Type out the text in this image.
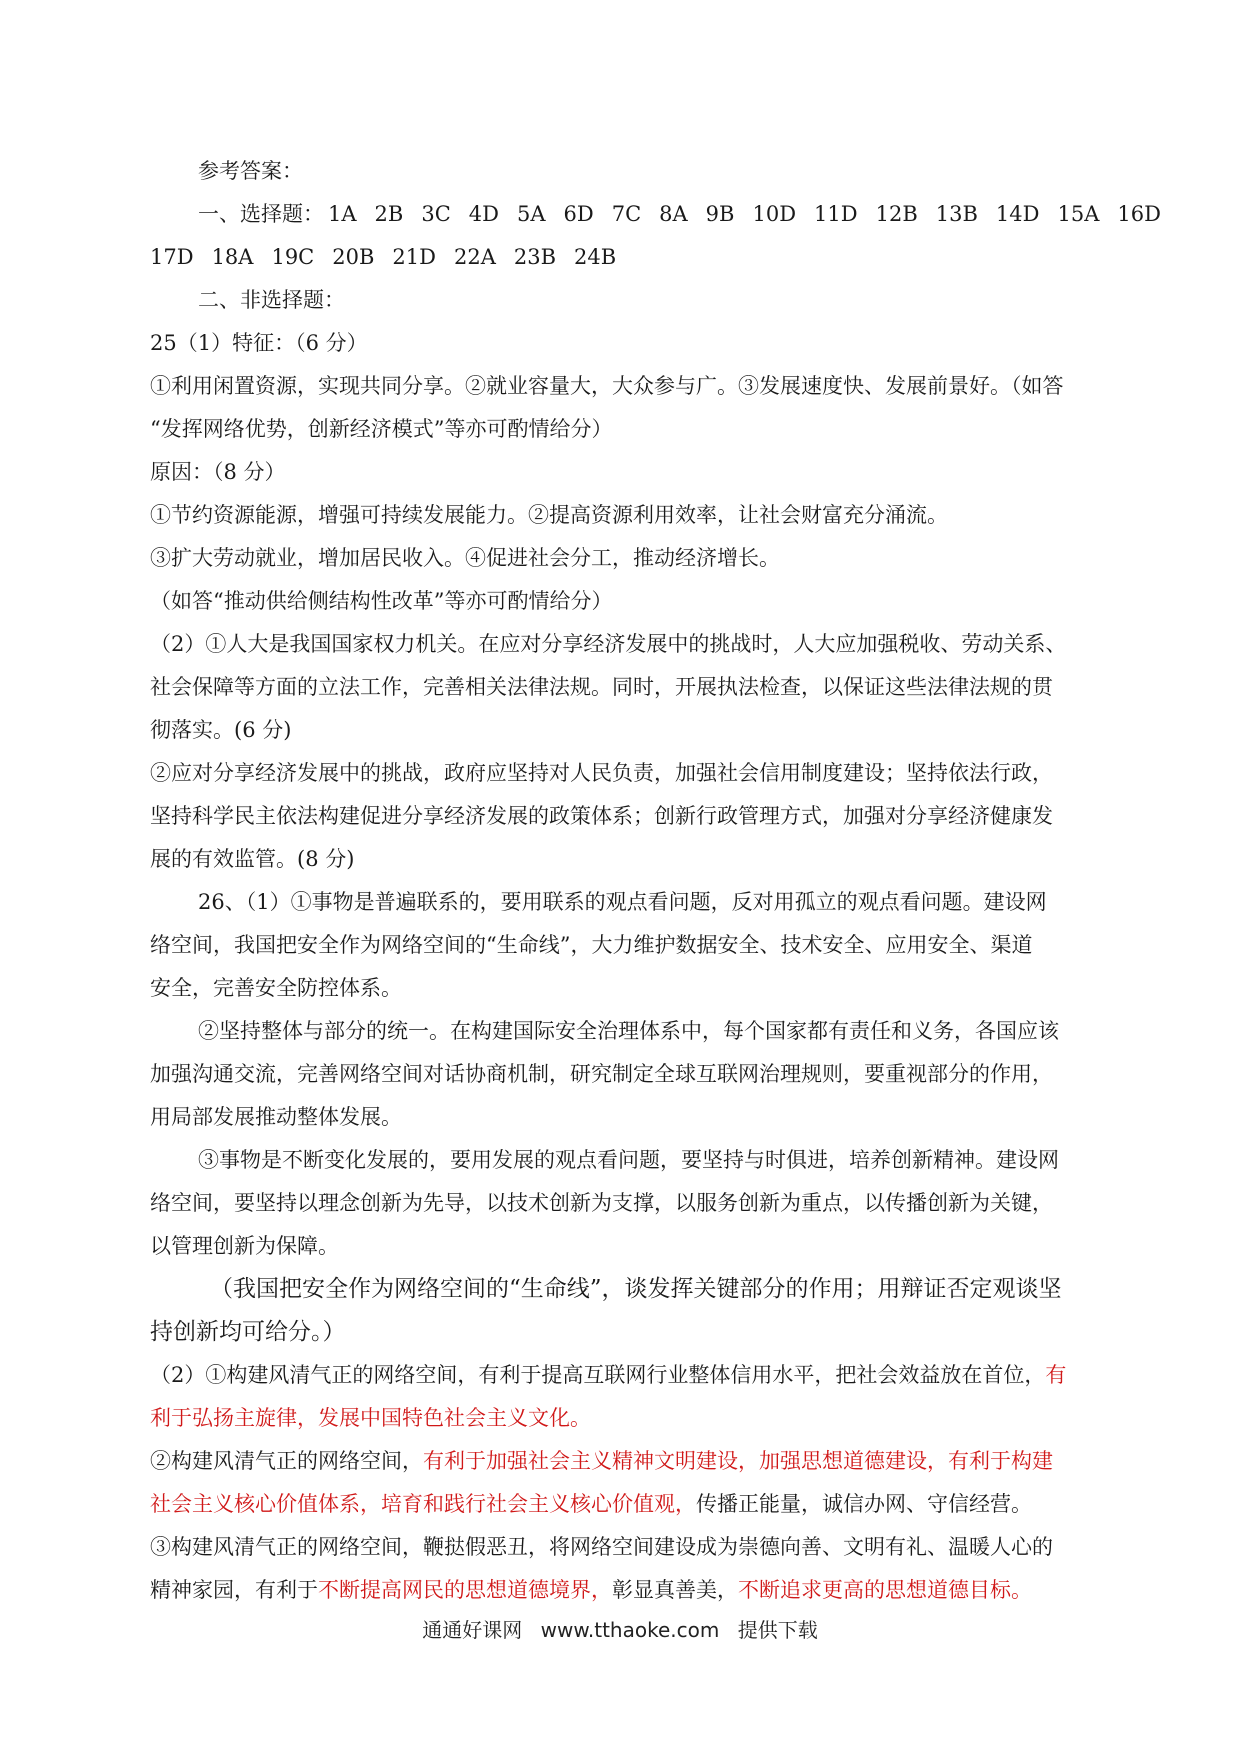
参考答案：
一、选择题： 1A 2B 3C 4D 5A 6D 7C 8A 9B 10D 11D 12B 13B 14D 15A 16D
17D 18A 19C 20B 21D 22A 23B 24B
二、非选择题：
25（1）特征：（6 分）
①利用闲置资源，实现共同分享。②就业容量大，大众参与广。③发展速度快、发展前景好。（如答
“发挥网络优势，创新经济模式”等亦可酌情给分）
原因：（8 分）
①节约资源能源，增强可持续发展能力。②提高资源利用效率，让社会财富充分涌流。
③扩大劳动就业，增加居民收入。④促进社会分工，推动经济增长。
（如答“推动供给侧结构性改革”等亦可酌情给分）
（2）①人大是我国国家权力机关。在应对分享经济发展中的挑战时，人大应加强税收、劳动关系、
社会保障等方面的立法工作，完善相关法律法规。同时，开展执法检查，以保证这些法律法规的贯
彻落实。(6 分)
②应对分享经济发展中的挑战，政府应坚持对人民负责，加强社会信用制度建设；坚持依法行政，
坚持科学民主依法构建促进分享经济发展的政策体系；创新行政管理方式，加强对分享经济健康发
展的有效监管。(8 分)
26、（1）①事物是普遍联系的，要用联系的观点看问题，反对用孤立的观点看问题。建设网
络空间，我国把安全作为网络空间的“生命线”，大力维护数据安全、技术安全、应用安全、渠道
安全，完善安全防控体系。
②坚持整体与部分的统一。在构建国际安全治理体系中，每个国家都有责任和义务，各国应该
加强沟通交流，完善网络空间对话协商机制，研究制定全球互联网治理规则，要重视部分的作用，
用局部发展推动整体发展。
③事物是不断变化发展的，要用发展的观点看问题，要坚持与时俱进，培养创新精神。建设网
络空间，要坚持以理念创新为先导，以技术创新为支撑，以服务创新为重点，以传播创新为关键，
以管理创新为保障。
（我国把安全作为网络空间的“生命线”，谈发挥关键部分的作用；用辩证否定观谈坚
持创新均可给分。）
（2）①构建风清气正的网络空间，有利于提高互联网行业整体信用水平，把社会效益放在首位，有
利于弘扬主旋律，发展中国特色社会主义文化。
②构建风清气正的网络空间，有利于加强社会主义精神文明建设，加强思想道德建设，有利于构建
社会主义核心价值体系，培育和践行社会主义核心价值观，传播正能量，诚信办网、守信经营。
③构建风清气正的网络空间，鞭挞假恶丑，将网络空间建设成为崇德向善、文明有礼、温暖人心的
精神家园，有利于不断提高网民的思想道德境界，彰显真善美，不断追求更高的思想道德目标。
通通好课网 www.tthaoke.com 提供下载
